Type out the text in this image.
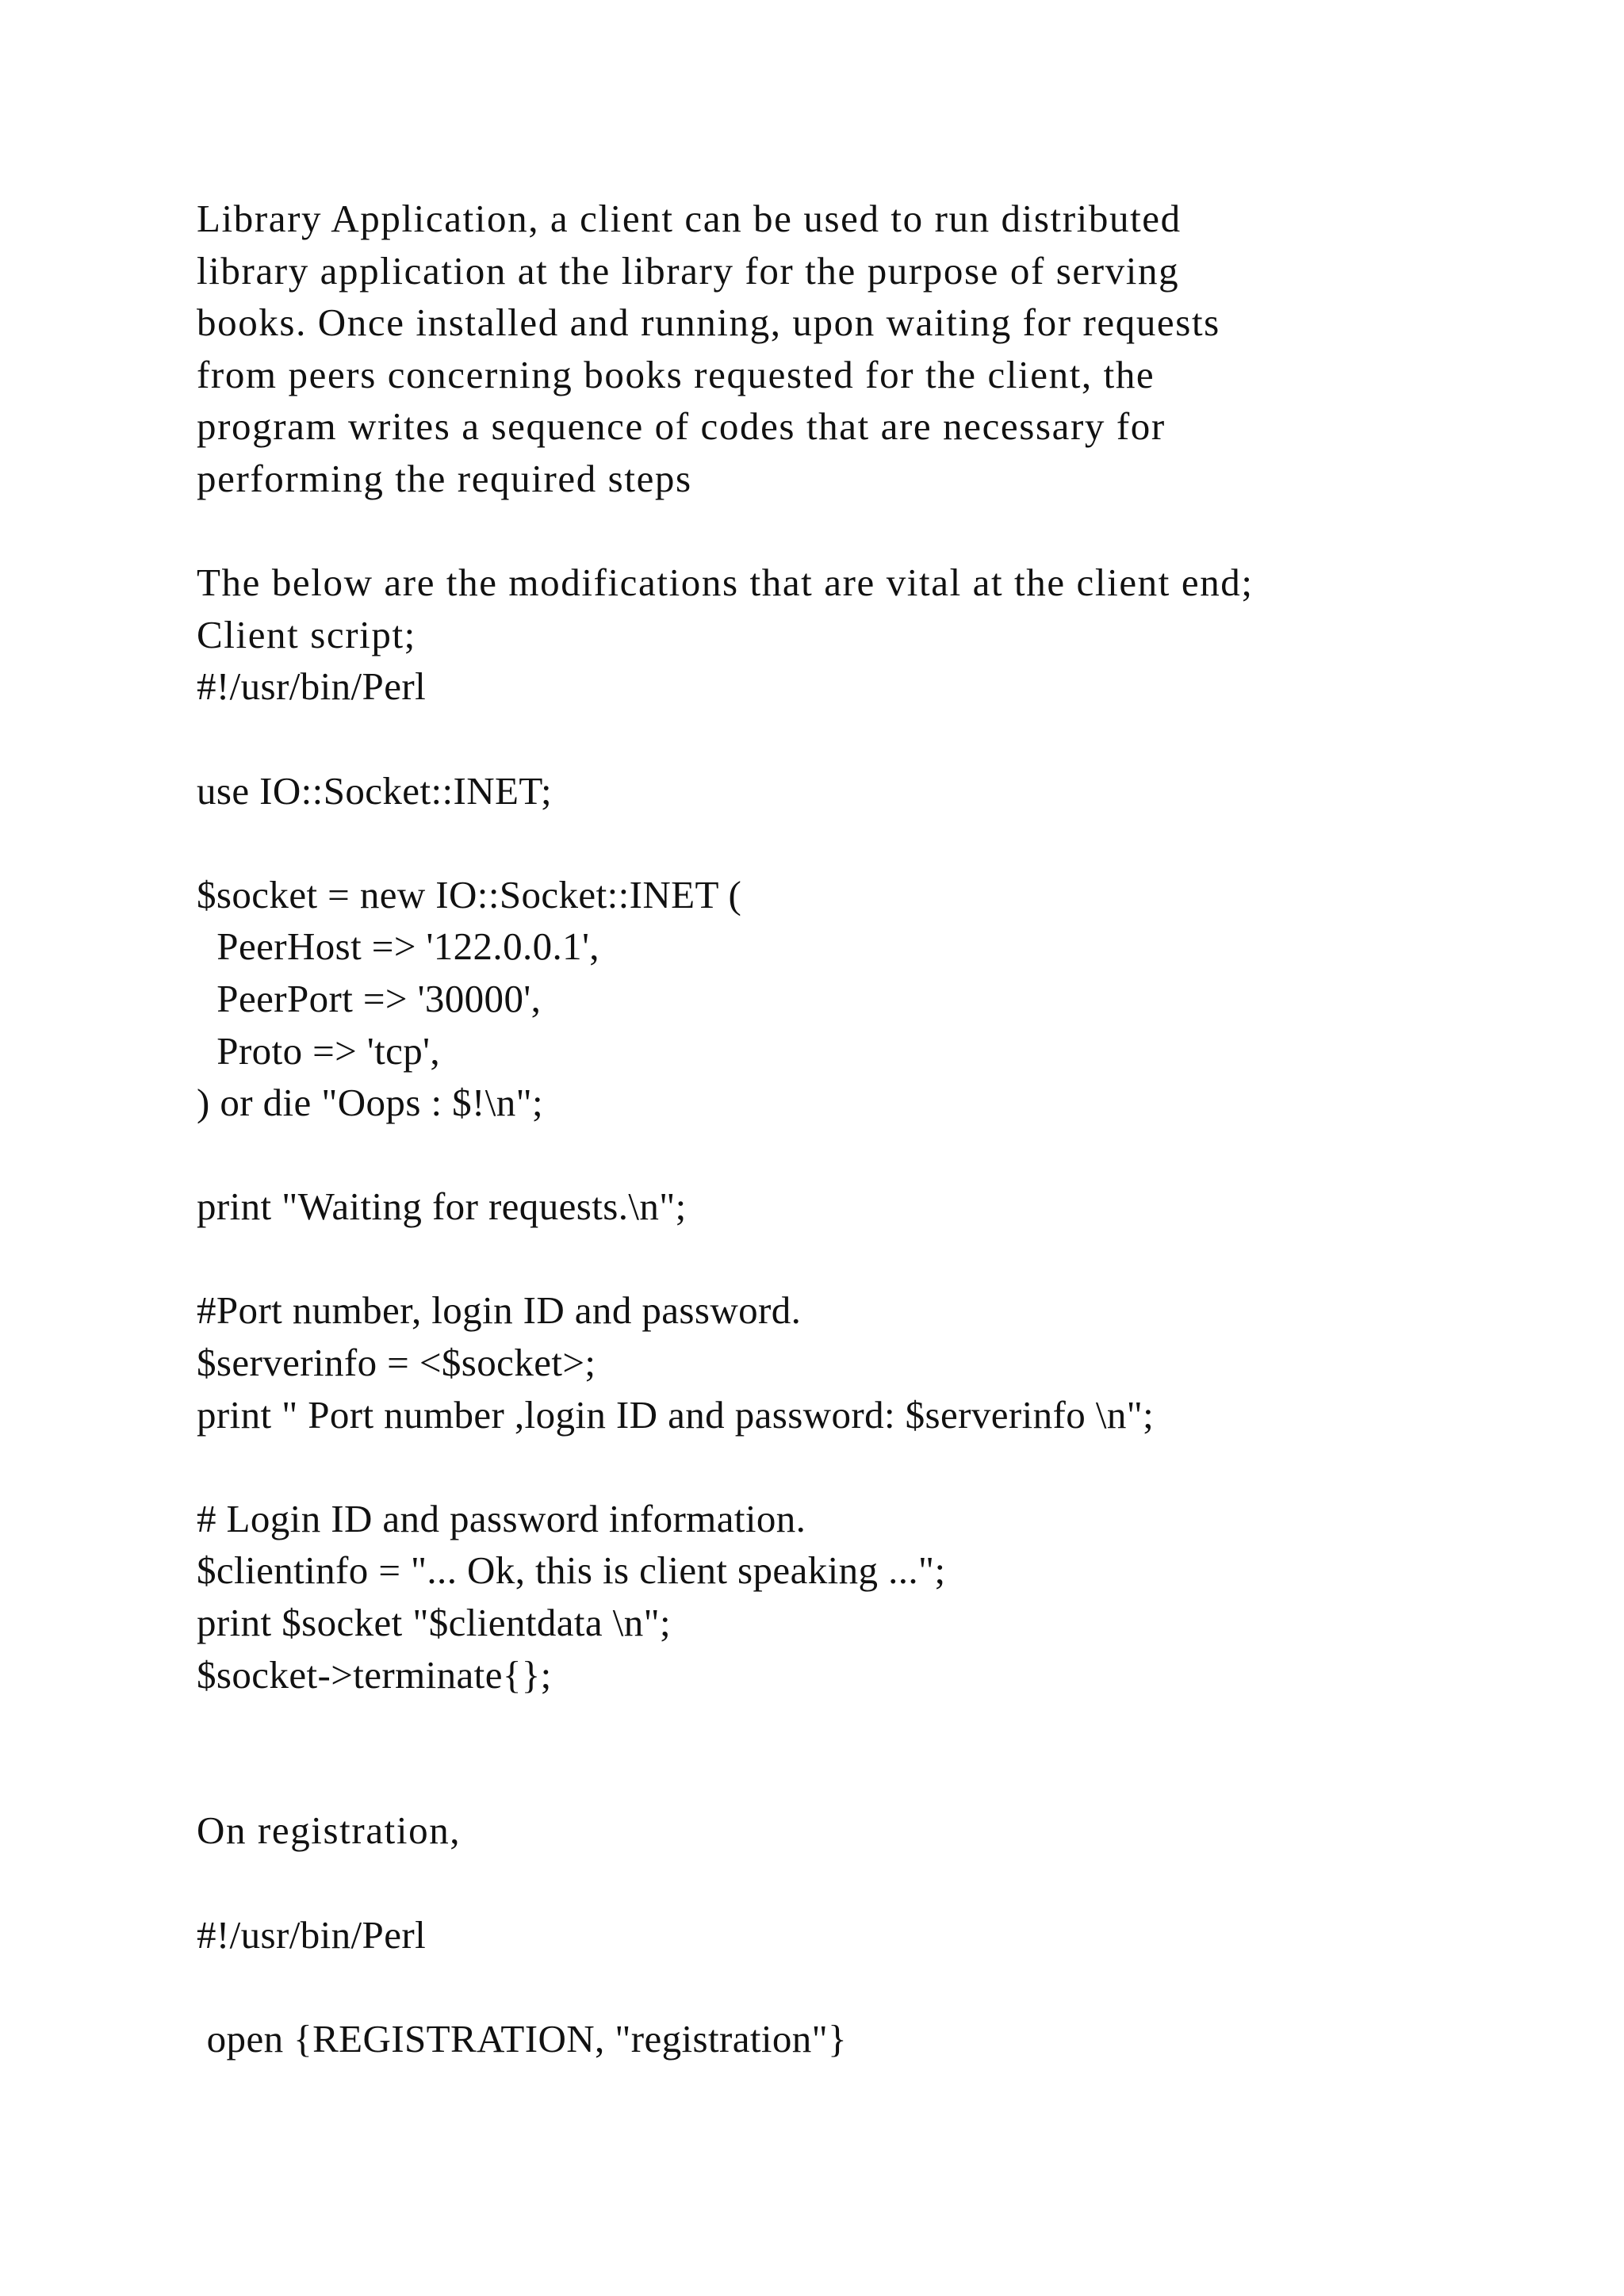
Library Application, a client can be used to run distributed
library application at the library for the purpose of serving
books. Once installed and running, upon waiting for requests
from peers concerning books requested for the client, the
program writes a sequence of codes that are necessary for
performing the required steps
The below are the modifications that are vital at the client end;
Client script;
#!/usr/bin/Perl
use IO::Socket::INET;
$socket = new IO::Socket::INET (
PeerHost => '122.0.0.1',
PeerPort => '30000',
Proto => 'tcp',
) or die "Oops : $!\n";
print "Waiting for requests.\n";
#Port number, login ID and password.
$serverinfo = <$socket>;
print " Port number ,login ID and password: $serverinfo \n";
# Login ID and password information.
$clientinfo = "... Ok, this is client speaking ...";
print $socket "$clientdata \n";
$socket->terminate{};
On registration,
#!/usr/bin/Perl
open {REGISTRATION, "registration"}
